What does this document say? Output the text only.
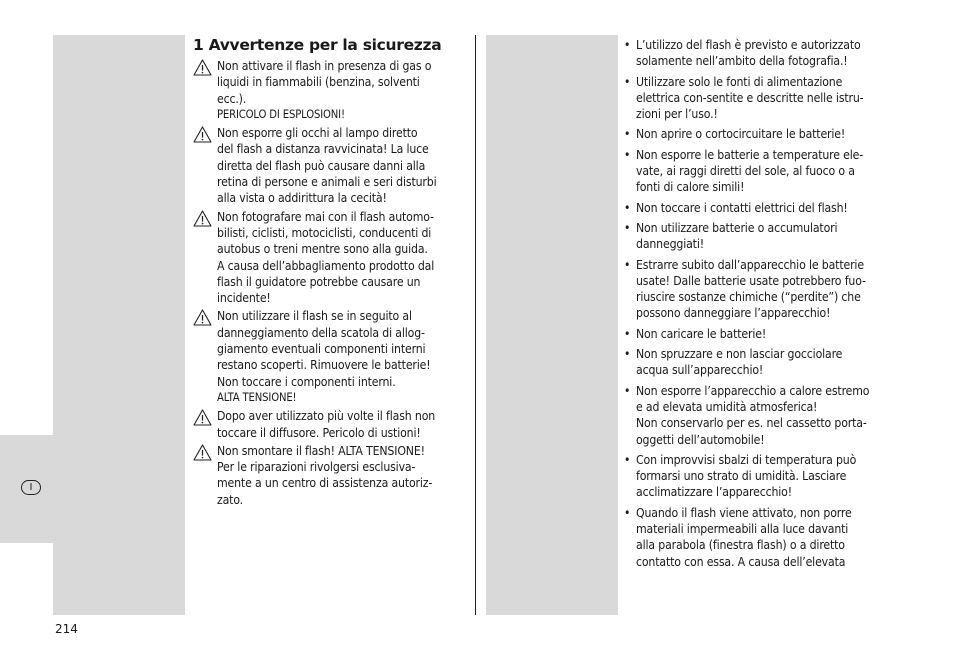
I
1 Avvertenze per la sicurezza
Non attivare il flash in presenza di gas o
liquidi in fiammabili (benzina, solventi
ecc.).
PERICOLO DI ESPLOSIONI!
Non esporre gli occhi al lampo diretto
del flash a distanza ravvicinata! La luce
diretta del flash può causare danni alla
retina di persone e animali e seri disturbi
alla vista o addirittura la cecità!
Non fotografare mai con il flash automo-
bilisti, ciclisti, motociclisti, conducenti di
autobus o treni mentre sono alla guida.
A causa dell’abbagliamento prodotto dal
flash il guidatore potrebbe causare un
incidente!
Non utilizzare il flash se in seguito al
danneggiamento della scatola di allog-
giamento eventuali componenti interni
restano scoperti. Rimuovere le batterie!
Non toccare i componenti interni.
ALTA TENSIONE!
Dopo aver utilizzato più volte il flash non
toccare il diffusore. Pericolo di ustioni!
Non smontare il flash! ALTA TENSIONE!
Per le riparazioni rivolgersi esclusiva-
mente a un centro di assistenza autoriz-
zato.
• L’utilizzo del flash è previsto e autorizzato
solamente nell’ambito della fotografia.!
• Utilizzare solo le fonti di alimentazione
elettrica con-sentite e descritte nelle istru-
zioni per l’uso.!
• Non aprire o cortocircuitare le batterie!
• Non esporre le batterie a temperature ele-
vate, ai raggi diretti del sole, al fuoco o a
fonti di calore simili!
• Non toccare i contatti elettrici del flash!
• Non utilizzare batterie o accumulatori
danneggiati!
• Estrarre subito dall’apparecchio le batterie
usate! Dalle batterie usate potrebbero fuo-
riuscire sostanze chimiche (“perdite”) che
possono danneggiare l’apparecchio!
• Non caricare le batterie!
• Non spruzzare e non lasciar gocciolare
acqua sull’apparecchio!
• Non esporre l’apparecchio a calore estremo
e ad elevata umidità atmosferica!
Non conservarlo per es. nel cassetto porta-
oggetti dell’automobile!
• Con improvvisi sbalzi di temperatura può
formarsi uno strato di umidità. Lasciare
acclimatizzare l’apparecchio!
• Quando il flash viene attivato, non porre
materiali impermeabili alla luce davanti
alla parabola (finestra flash) o a diretto
contatto con essa. A causa dell’elevata
214
